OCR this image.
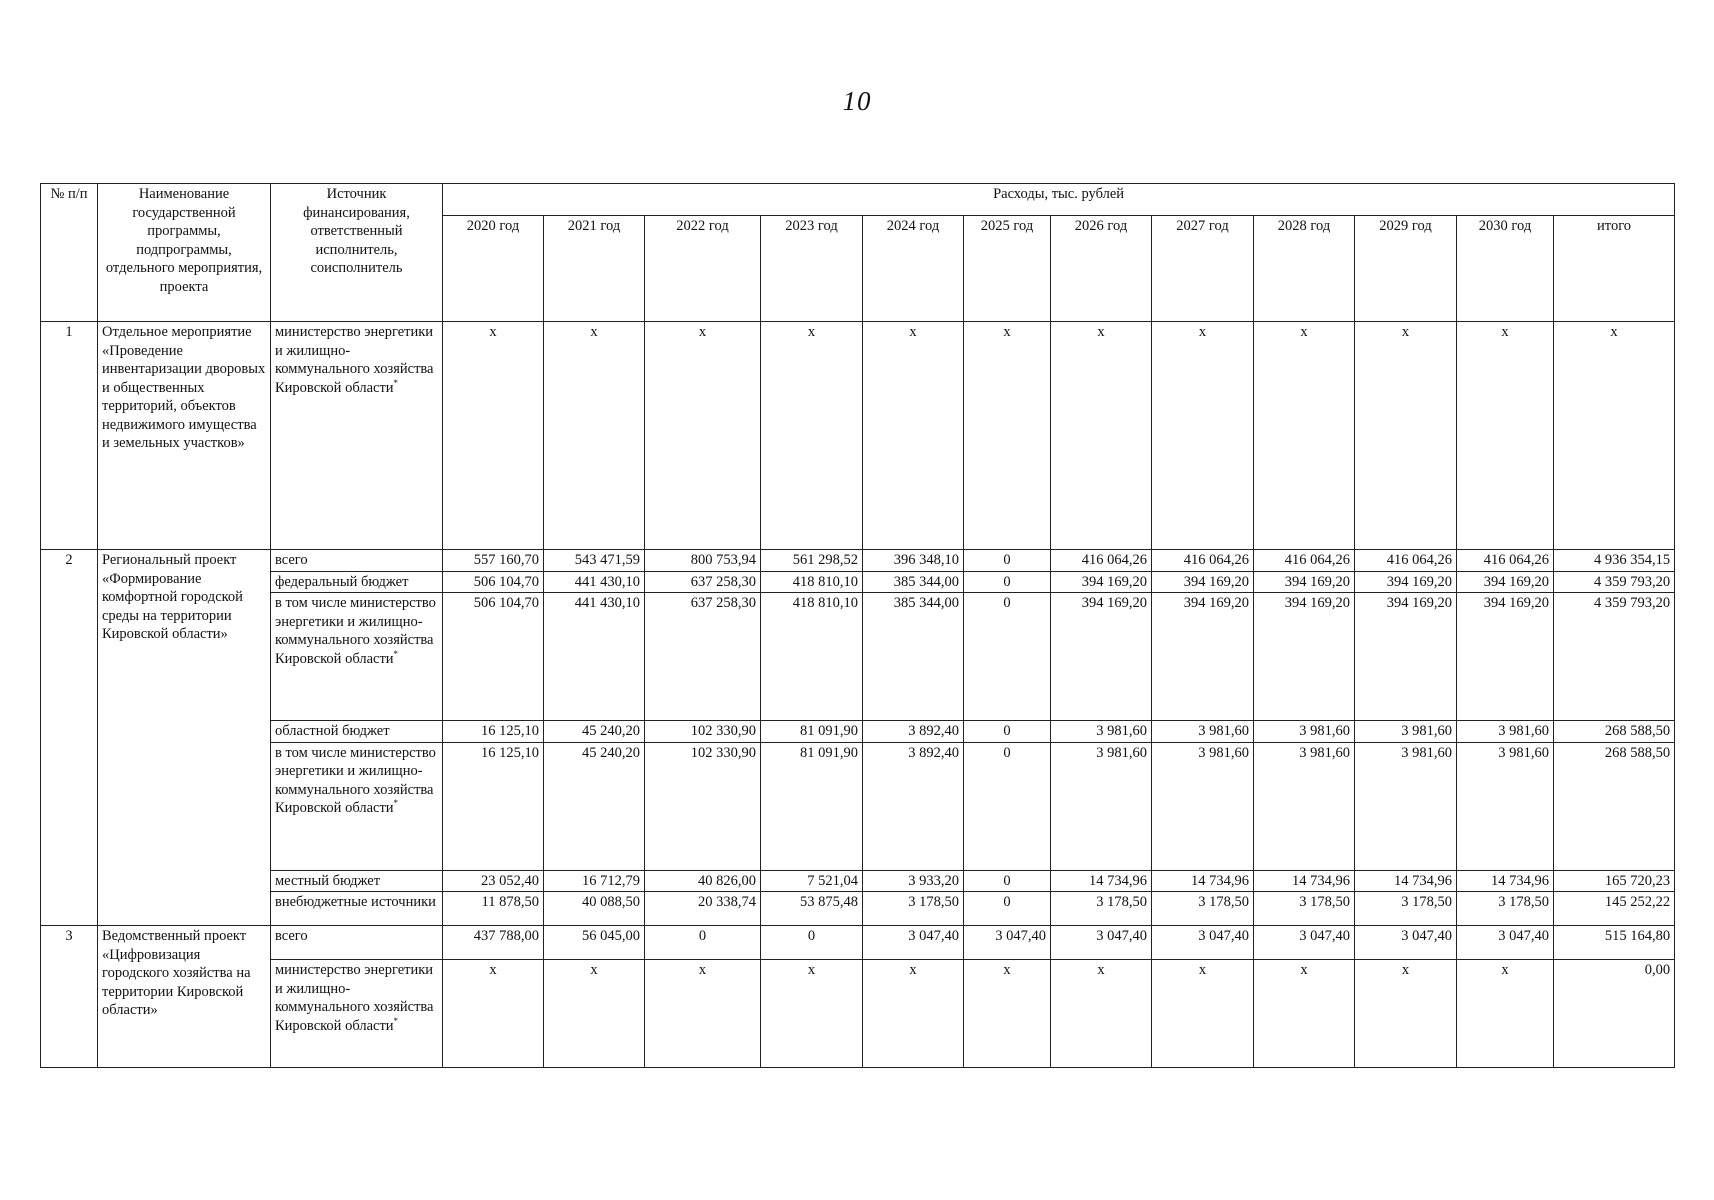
10
№ п/п	Наименование государственной программы, подпрограммы, отдельного мероприятия, проекта	Источник финансирования, ответственный исполнитель, соисполнитель	Расходы, тыс. рублей											
			2020 год	2021 год	2022 год	2023 год	2024 год	2025 год	2026 год	2027 год	2028 год	2029 год	2030 год	итого
1	Отдельное мероприятие «Проведение инвентаризации дворовых и общественных территорий, объектов недвижимого имущества и земельных участков»	министерство энергетики и жилищно-коммунального хозяйства Кировской области*	х	х	х	х	х	х	х	х	х	х	х	х
2	Региональный проект «Формирование комфортной городской среды на территории Кировской области»	всего	557 160,70	543 471,59	800 753,94	561 298,52	396 348,10	0	416 064,26	416 064,26	416 064,26	416 064,26	416 064,26	4 936 354,15
		федеральный бюджет	506 104,70	441 430,10	637 258,30	418 810,10	385 344,00	0	394 169,20	394 169,20	394 169,20	394 169,20	394 169,20	4 359 793,20
		в том числе министерство энергетики и жилищно-коммунального хозяйства Кировской области*	506 104,70	441 430,10	637 258,30	418 810,10	385 344,00	0	394 169,20	394 169,20	394 169,20	394 169,20	394 169,20	4 359 793,20
		областной бюджет	16 125,10	45 240,20	102 330,90	81 091,90	3 892,40	0	3 981,60	3 981,60	3 981,60	3 981,60	3 981,60	268 588,50
		в том числе министерство энергетики и жилищно-коммунального хозяйства Кировской области*	16 125,10	45 240,20	102 330,90	81 091,90	3 892,40	0	3 981,60	3 981,60	3 981,60	3 981,60	3 981,60	268 588,50
		местный бюджет	23 052,40	16 712,79	40 826,00	7 521,04	3 933,20	0	14 734,96	14 734,96	14 734,96	14 734,96	14 734,96	165 720,23
		внебюджетные источники	11 878,50	40 088,50	20 338,74	53 875,48	3 178,50	0	3 178,50	3 178,50	3 178,50	3 178,50	3 178,50	145 252,22
3	Ведомственный проект «Цифровизация городского хозяйства на территории Кировской области»	всего	437 788,00	56 045,00	0	0	3 047,40	3 047,40	3 047,40	3 047,40	3 047,40	3 047,40	3 047,40	515 164,80
		министерство энергетики и жилищно-коммунального хозяйства Кировской области*	х	х	х	х	х	х	х	х	х	х	х	0,00
